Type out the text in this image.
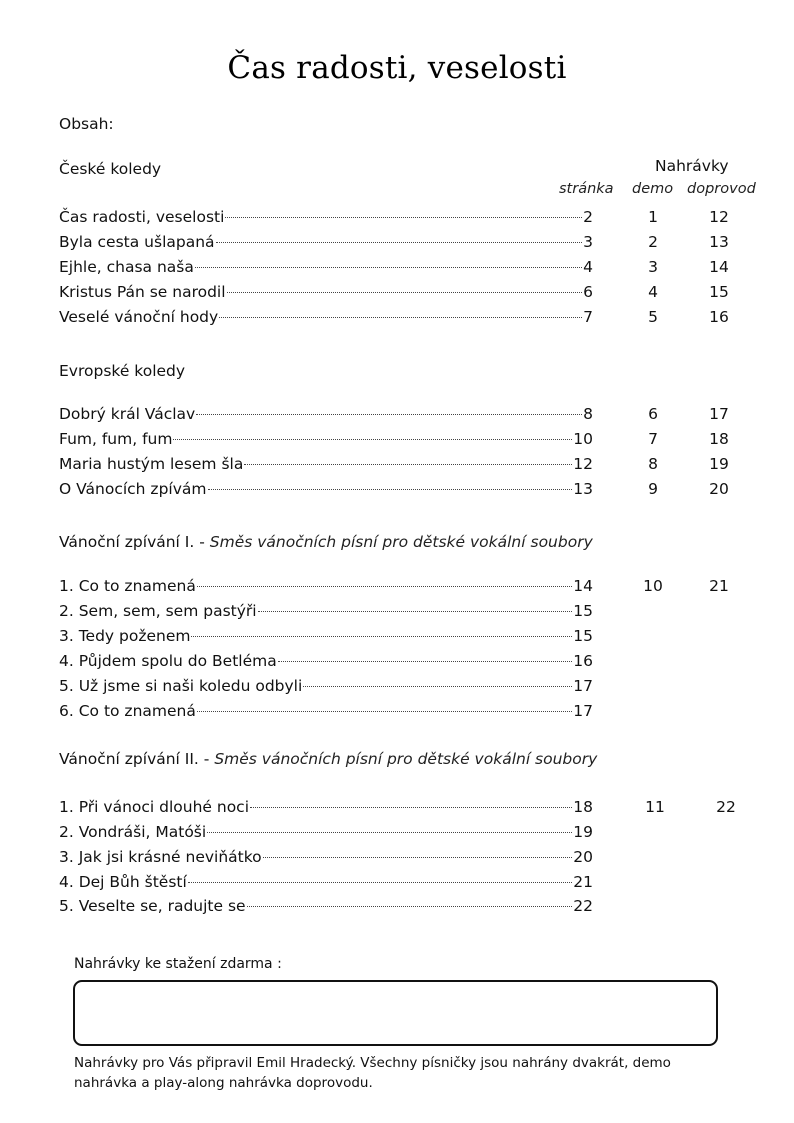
Čas radosti, veselosti
Obsah:
Nahrávky
stránka demo doprovod
České koledy
Čas radosti, veselosti	2	1	12
Byla cesta ušlapaná	3	2	13
Ejhle, chasa naša	4	3	14
Kristus Pán se narodil	6	4	15
Veselé vánoční hody	7	5	16
Evropské koledy
Dobrý král Václav	8	6	17
Fum, fum, fum	10	7	18
Maria hustým lesem šla	12	8	19
O Vánocích zpívám	13	9	20
Vánoční zpívání I. - Směs vánočních písní pro dětské vokální soubory
1. Co to znamená	14	10	21
2. Sem, sem, sem pastýři	15
3. Tedy poženem	15
4. Půjdem spolu do Betléma	16
5. Už jsme si naši koledu odbyli	17
6. Co to znamená	17
Vánoční zpívání II. - Směs vánočních písní pro dětské vokální soubory
1. Při vánoci dlouhé noci	18	11	22
2. Vondráši, Matóši	19
3. Jak jsi krásné neviňátko	20
4. Dej Bůh štěstí	21
5. Veselte se, radujte se	22
Nahrávky ke stažení zdarma :
Nahrávky pro Vás připravil Emil Hradecký. Všechny písničky jsou nahrány dvakrát, demo nahrávka a play-along nahrávka doprovodu.
